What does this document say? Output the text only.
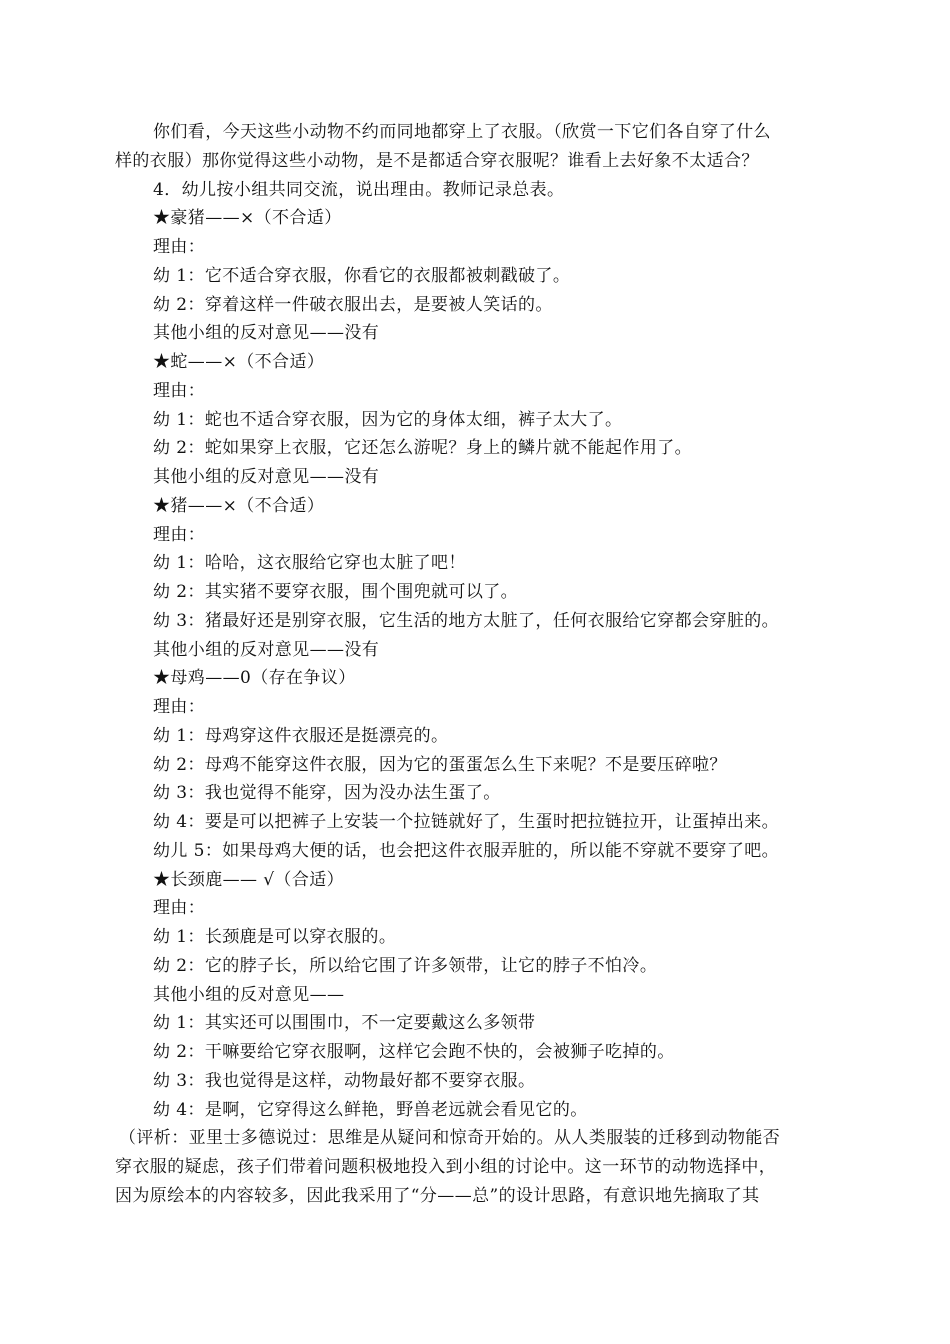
你们看，今天这些小动物不约而同地都穿上了衣服。（欣赏一下它们各自穿了什么
样的衣服）那你觉得这些小动物，是不是都适合穿衣服呢？谁看上去好象不太适合？
4．幼儿按小组共同交流，说出理由。教师记录总表。
★豪猪——×（不合适）
理由：
幼 1：它不适合穿衣服，你看它的衣服都被刺戳破了。
幼 2：穿着这样一件破衣服出去，是要被人笑话的。
其他小组的反对意见——没有
★蛇——×（不合适）
理由：
幼 1：蛇也不适合穿衣服，因为它的身体太细，裤子太大了。
幼 2：蛇如果穿上衣服，它还怎么游呢？身上的鳞片就不能起作用了。
其他小组的反对意见——没有
★猪——×（不合适）
理由：
幼 1：哈哈，这衣服给它穿也太脏了吧！
幼 2：其实猪不要穿衣服，围个围兜就可以了。
幼 3：猪最好还是别穿衣服，它生活的地方太脏了，任何衣服给它穿都会穿脏的。
其他小组的反对意见——没有
★母鸡——0（存在争议）
理由：
幼 1：母鸡穿这件衣服还是挺漂亮的。
幼 2：母鸡不能穿这件衣服，因为它的蛋蛋怎么生下来呢？不是要压碎啦？
幼 3：我也觉得不能穿，因为没办法生蛋了。
幼 4：要是可以把裤子上安装一个拉链就好了，生蛋时把拉链拉开，让蛋掉出来。
幼儿 5：如果母鸡大便的话，也会把这件衣服弄脏的，所以能不穿就不要穿了吧。
★长颈鹿—— √（合适）
理由：
幼 1：长颈鹿是可以穿衣服的。
幼 2：它的脖子长，所以给它围了许多领带，让它的脖子不怕冷。
其他小组的反对意见——
幼 1：其实还可以围围巾，不一定要戴这么多领带
幼 2：干嘛要给它穿衣服啊，这样它会跑不快的，会被狮子吃掉的。
幼 3：我也觉得是这样，动物最好都不要穿衣服。
幼 4：是啊，它穿得这么鲜艳，野兽老远就会看见它的。
（评析：亚里士多德说过：思维是从疑问和惊奇开始的。从人类服装的迁移到动物能否
穿衣服的疑虑，孩子们带着问题积极地投入到小组的讨论中。这一环节的动物选择中，
因为原绘本的内容较多，因此我采用了“分——总”的设计思路，有意识地先摘取了其
